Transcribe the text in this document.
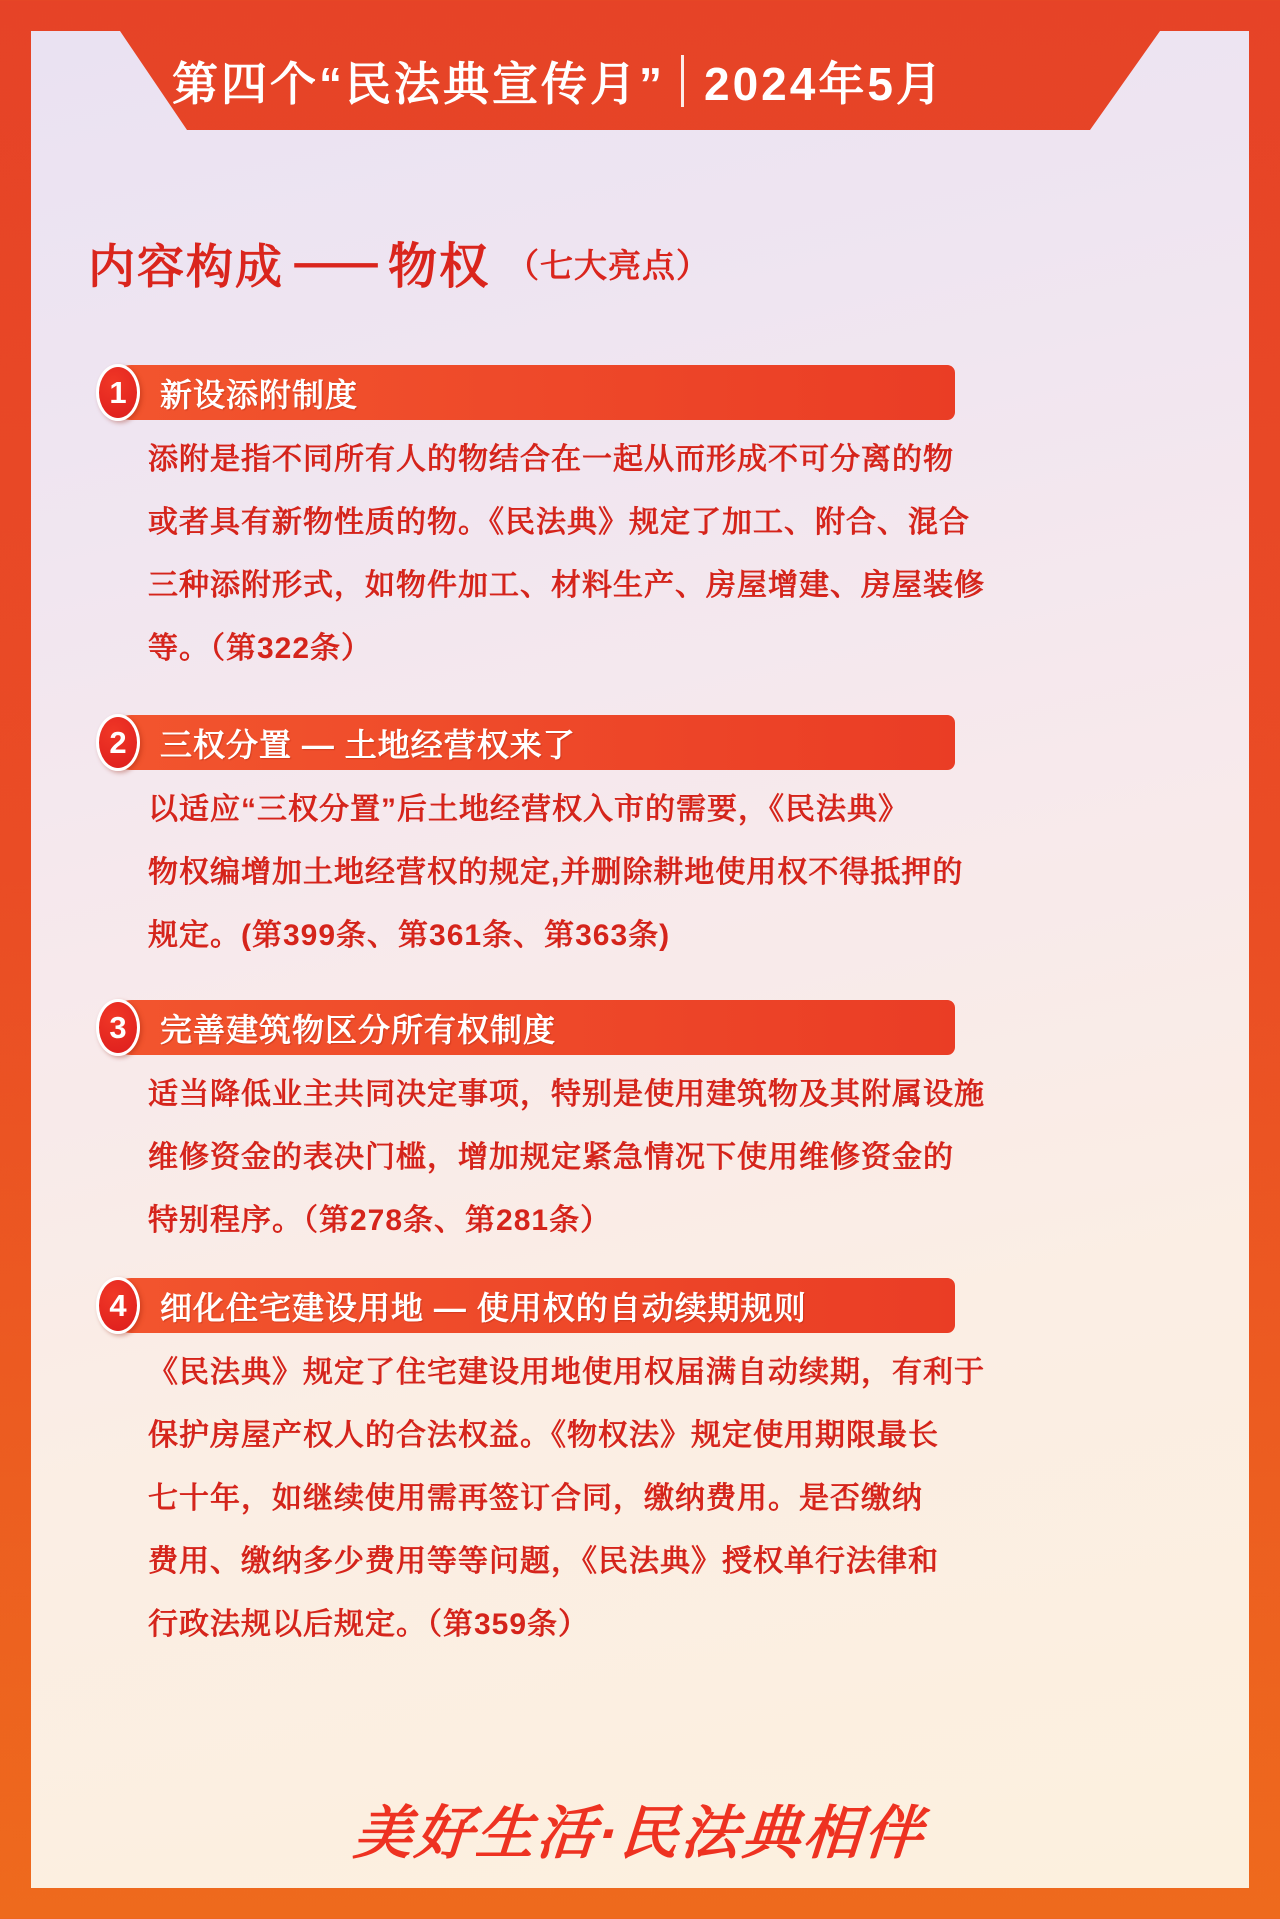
第四个“民法典宣传月” 2024年5月
内容构成 — 物权 （七大亮点）
1	新设添附制度
添附是指不同所有人的物结合在一起从而形成不可分离的物
或者具有新物性质的物。《民法典》规定了加工、附合、混合
三种添附形式，如物件加工、材料生产、房屋增建、房屋装修
等。（第322条）
2	三权分置 — 土地经营权来了
以适应“三权分置”后土地经营权入市的需要，《民法典》
物权编增加土地经营权的规定,并删除耕地使用权不得抵押的
规定。(第399条、第361条、第363条)
3	完善建筑物区分所有权制度
适当降低业主共同决定事项，特别是使用建筑物及其附属设施
维修资金的表决门槛，增加规定紧急情况下使用维修资金的
特别程序。（第278条、第281条）
4	细化住宅建设用地 — 使用权的自动续期规则
《民法典》规定了住宅建设用地使用权届满自动续期，有利于
保护房屋产权人的合法权益。《物权法》规定使用期限最长
七十年，如继续使用需再签订合同，缴纳费用。是否缴纳
费用、缴纳多少费用等等问题，《民法典》授权单行法律和
行政法规以后规定。（第359条）
美好生活·民法典相伴
